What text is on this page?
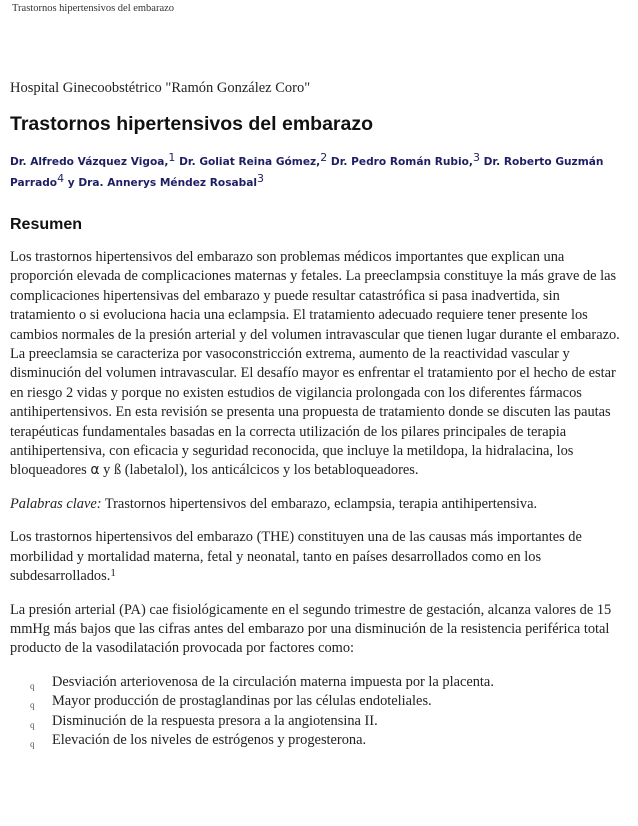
Trastornos hipertensivos del embarazo
Hospital Ginecoobstétrico "Ramón González Coro"
Trastornos hipertensivos del embarazo
Dr. Alfredo Vázquez Vigoa,$^1$ Dr. Goliat Reina Gómez,$^2$ Dr. Pedro Román Rubio,$^3$ Dr. Roberto Guzmán Parrado$^4$ y Dra. Annerys Méndez Rosabal$^3$
Resumen

Los trastornos hipertensivos del embarazo son problemas médicos importantes que explican una proporción elevada de complicaciones maternas y fetales. La preeclampsia constituye la más grave de las complicaciones hipertensivas del embarazo y puede resultar catastrófica si pasa inadvertida, sin tratamiento o si evoluciona hacia una eclampsia. El tratamiento adecuado requiere tener presente los cambios normales de la presión arterial y del volumen intravascular que tienen lugar durante el embarazo. La preeclamsia se caracteriza por vasoconstricción extrema, aumento de la reactividad vascular y disminución del volumen intravascular. El desafío mayor es enfrentar el tratamiento por el hecho de estar en riesgo 2 vidas y porque no existen estudios de vigilancia prolongada con los diferentes fármacos antihipertensivos. En esta revisión se presenta una propuesta de tratamiento donde se discuten las pautas terapéuticas fundamentales basadas en la correcta utilización de los pilares principales de terapia antihipertensiva, con eficacia y seguridad reconocida, que incluye la metildopa, la hidralacina, los bloqueadores α y ß (labetalol), los anticálcicos y los betabloqueadores.

Palabras clave: Trastornos hipertensivos del embarazo, eclampsia, terapia antihipertensiva.

Los trastornos hipertensivos del embarazo (THE) constituyen una de las causas más importantes de morbilidad y mortalidad materna, fetal y neonatal, tanto en países desarrollados como en los subdesarrollados.$^1$

La presión arterial (PA) cae fisiológicamente en el segundo trimestre de gestación, alcanza valores de 15 mmHg más bajos que las cifras antes del embarazo por una disminución de la resistencia periférica total producto de la vasodilatación provocada por factores como:

q Desviación arteriovenosa de la circulación materna impuesta por la placenta.
q Mayor producción de prostaglandinas por las células endoteliales.
q Disminución de la respuesta presora a la angiotensina II.
q Elevación de los niveles de estrógenos y progesterona.
